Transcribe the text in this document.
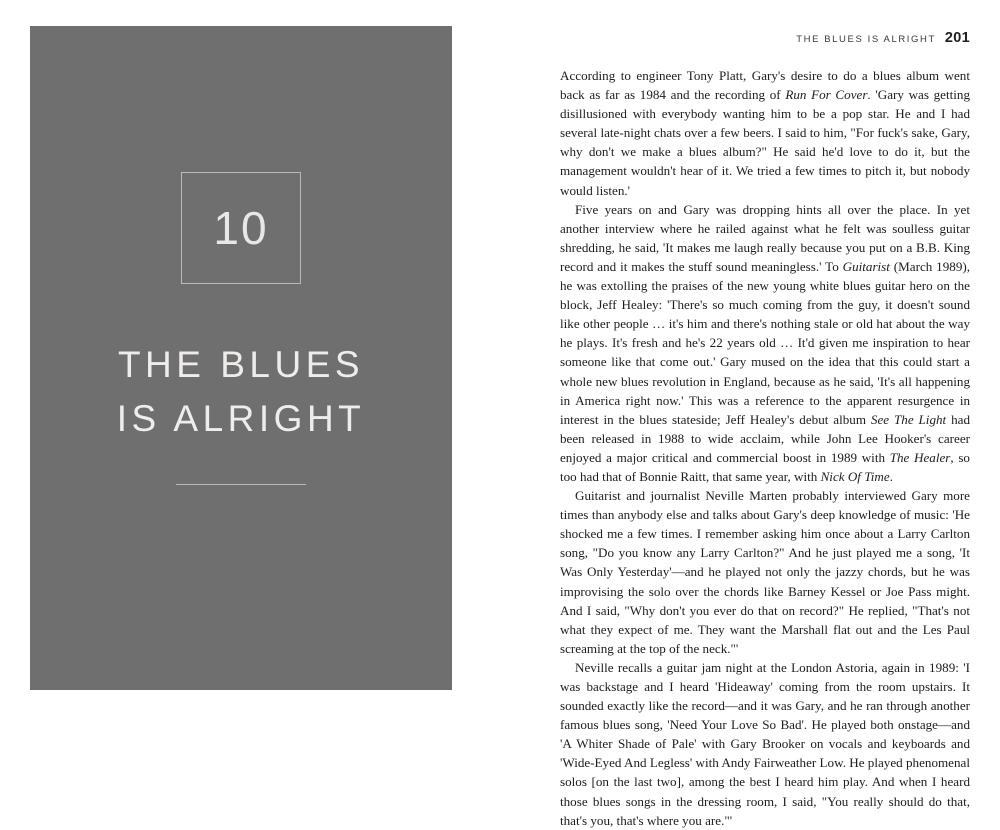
10
THE BLUES
IS ALRIGHT
THE BLUES IS ALRIGHT 201

According to engineer Tony Platt, Gary's desire to do a blues album went back as far as 1984 and the recording of Run For Cover. 'Gary was getting disillusioned with everybody wanting him to be a pop star. He and I had several late-night chats over a few beers. I said to him, "For fuck's sake, Gary, why don't we make a blues album?" He said he'd love to do it, but the management wouldn't hear of it. We tried a few times to pitch it, but nobody would listen.'

Five years on and Gary was dropping hints all over the place. In yet another interview where he railed against what he felt was soulless guitar shredding, he said, 'It makes me laugh really because you put on a B.B. King record and it makes the stuff sound meaningless.' To Guitarist (March 1989), he was extolling the praises of the new young white blues guitar hero on the block, Jeff Healey: 'There's so much coming from the guy, it doesn't sound like other people … it's him and there's nothing stale or old hat about the way he plays. It's fresh and he's 22 years old … It'd given me inspiration to hear someone like that come out.' Gary mused on the idea that this could start a whole new blues revolution in England, because as he said, 'It's all happening in America right now.' This was a reference to the apparent resurgence in interest in the blues stateside; Jeff Healey's debut album See The Light had been released in 1988 to wide acclaim, while John Lee Hooker's career enjoyed a major critical and commercial boost in 1989 with The Healer, so too had that of Bonnie Raitt, that same year, with Nick Of Time.

Guitarist and journalist Neville Marten probably interviewed Gary more times than anybody else and talks about Gary's deep knowledge of music: 'He shocked me a few times. I remember asking him once about a Larry Carlton song, "Do you know any Larry Carlton?" And he just played me a song, 'It Was Only Yesterday'—and he played not only the jazzy chords, but he was improvising the solo over the chords like Barney Kessel or Joe Pass might. And I said, "Why don't you ever do that on record?" He replied, "That's not what they expect of me. They want the Marshall flat out and the Les Paul screaming at the top of the neck."'

Neville recalls a guitar jam night at the London Astoria, again in 1989: 'I was backstage and I heard 'Hideaway' coming from the room upstairs. It sounded exactly like the record—and it was Gary, and he ran through another famous blues song, 'Need Your Love So Bad'. He played both onstage—and 'A Whiter Shade of Pale' with Gary Brooker on vocals and keyboards and 'Wide-Eyed And Legless' with Andy Fairweather Low. He played phenomenal solos [on the last two], among the best I heard him play. And when I heard those blues songs in the dressing room, I said, "You really should do that, that's you, that's where you are."'
